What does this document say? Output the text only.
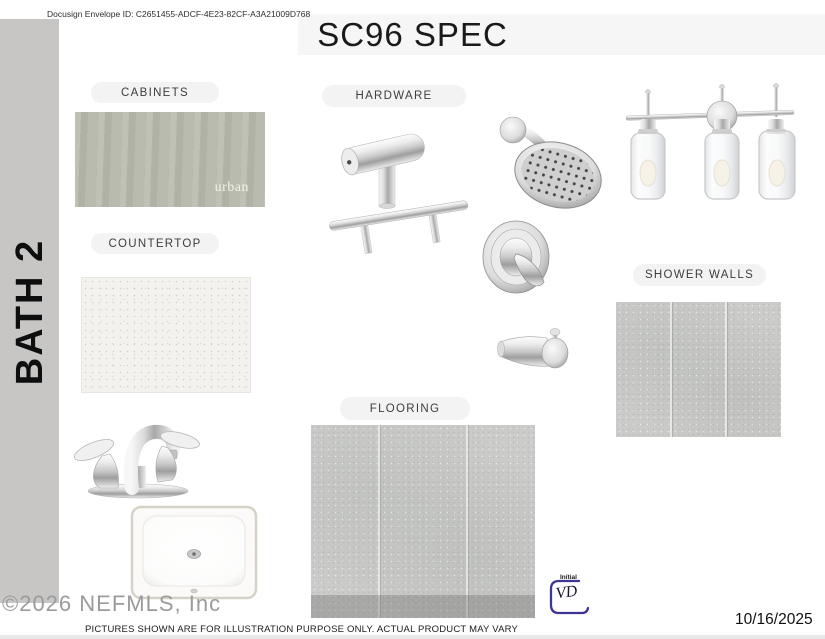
Docusign Envelope ID: C2651455-ADCF-4E23-82CF-A3A21009D768
SC96 SPEC
BATH 2
CABINETS
COUNTERTOP
HARDWARE
SHOWER WALLS
FLOORING
urban
©2026 NEFMLS, Inc
PICTURES SHOWN ARE FOR ILLUSTRATION PURPOSE ONLY. ACTUAL PRODUCT MAY VARY
10/16/2025
Initial
VD
